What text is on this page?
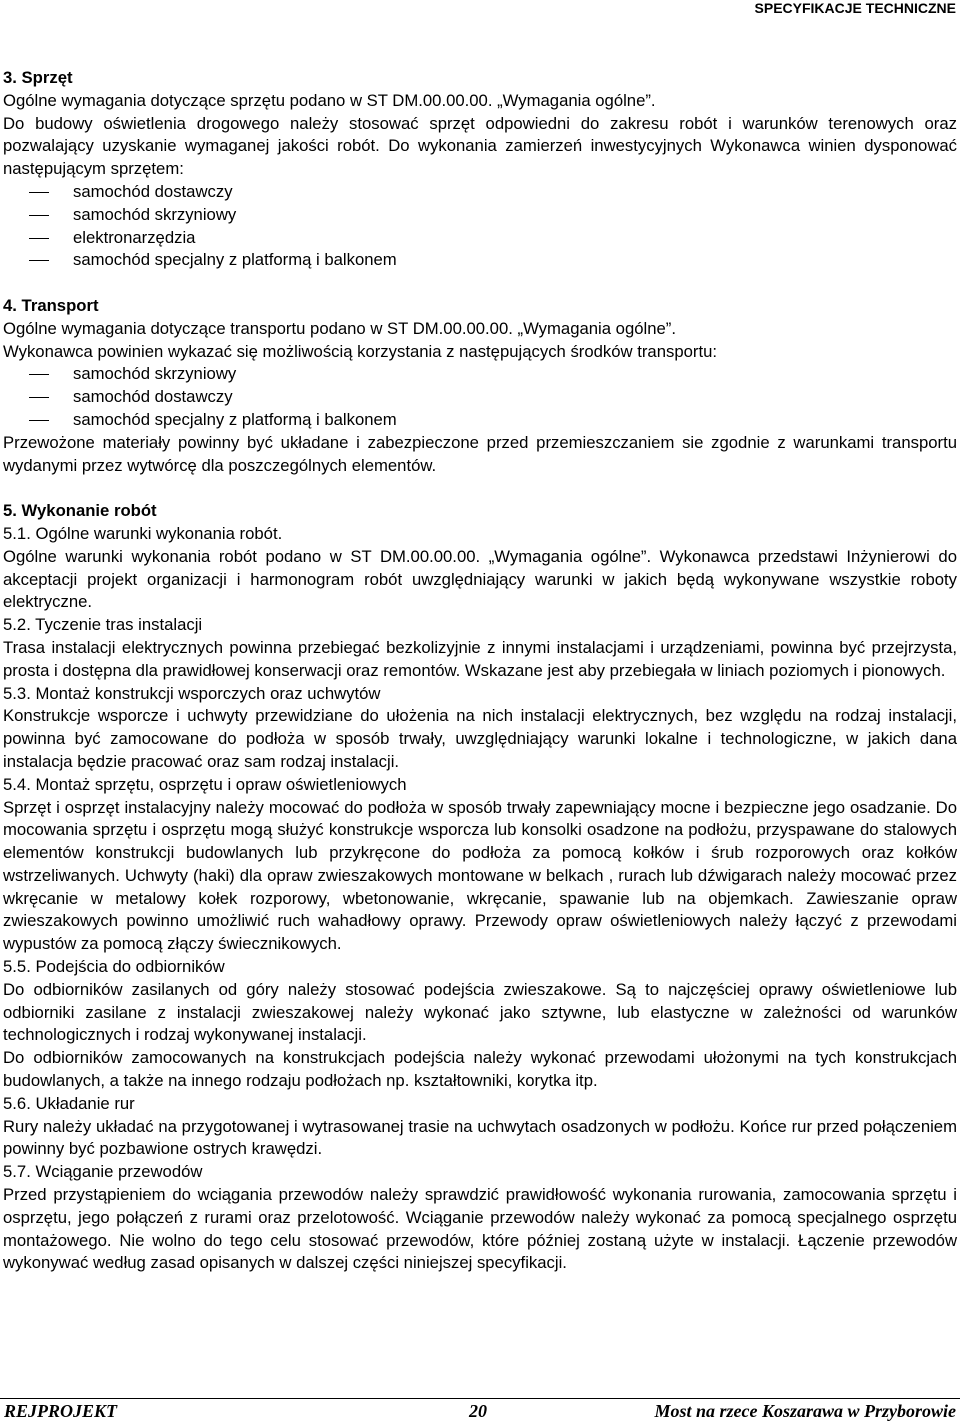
SPECYFIKACJE TECHNICZNE

3. Sprzęt

Ogólne wymagania dotyczące sprzętu podano w ST DM.00.00.00. „Wymagania ogólne”.

Do budowy oświetlenia drogowego należy stosować sprzęt odpowiedni do zakresu robót i warunków terenowych oraz pozwalający uzyskanie wymaganej jakości robót. Do wykonania zamierzeń inwestycyjnych Wykonawca winien dysponować następującym sprzętem:

samochód dostawczy

samochód skrzyniowy

elektronarzędzia

samochód specjalny z platformą i balkonem

4. Transport

Ogólne wymagania dotyczące transportu podano w ST DM.00.00.00. „Wymagania ogólne”.

Wykonawca powinien wykazać się możliwością korzystania z następujących środków transportu:

samochód skrzyniowy

samochód dostawczy

samochód specjalny z platformą i balkonem

Przewożone materiały powinny być układane i zabezpieczone przed przemieszczaniem sie zgodnie z warunkami transportu wydanymi przez wytwórcę dla poszczególnych elementów.

5. Wykonanie robót

5.1. Ogólne warunki wykonania robót.

Ogólne warunki wykonania robót podano w ST DM.00.00.00. „Wymagania ogólne”. Wykonawca przedstawi Inżynierowi do akceptacji projekt organizacji i harmonogram robót uwzględniający warunki w jakich będą wykonywane wszystkie roboty elektryczne.

5.2. Tyczenie tras instalacji

Trasa instalacji elektrycznych powinna przebiegać bezkolizyjnie z innymi instalacjami i urządzeniami, powinna być przejrzysta, prosta i dostępna dla prawidłowej konserwacji oraz remontów. Wskazane jest aby przebiegała w liniach poziomych i pionowych.

5.3. Montaż konstrukcji wsporczych oraz uchwytów

Konstrukcje wsporcze i uchwyty przewidziane do ułożenia na nich instalacji elektrycznych, bez względu na rodzaj instalacji, powinna być zamocowane do podłoża w sposób trwały, uwzględniający warunki lokalne i technologiczne, w jakich dana instalacja będzie pracować oraz sam rodzaj instalacji.

5.4. Montaż sprzętu, osprzętu i opraw oświetleniowych

Sprzęt i osprzęt instalacyjny należy mocować do podłoża w sposób trwały zapewniający mocne i bezpieczne jego osadzanie. Do mocowania sprzętu i osprzętu mogą służyć konstrukcje wsporcza lub konsolki osadzone na podłożu, przyspawane do stalowych elementów konstrukcji budowlanych lub przykręcone do podłoża za pomocą kołków i śrub rozporowych oraz kołków wstrzeliwanych. Uchwyty (haki) dla opraw zwieszakowych montowane w belkach , rurach lub dźwigarach należy mocować przez wkręcanie w metalowy kołek rozporowy, wbetonowanie, wkręcanie, spawanie lub na objemkach. Zawieszanie opraw zwieszakowych powinno umożliwić ruch wahadłowy oprawy. Przewody opraw oświetleniowych należy łączyć z przewodami wypustów za pomocą złączy świecznikowych.

5.5. Podejścia do odbiorników

Do odbiorników zasilanych od góry należy stosować podejścia zwieszakowe. Są to najczęściej oprawy oświetleniowe lub odbiorniki zasilane z instalacji zwieszakowej należy wykonać jako sztywne, lub elastyczne w zależności od warunków technologicznych i rodzaj wykonywanej instalacji.

Do odbiorników zamocowanych na konstrukcjach podejścia należy wykonać przewodami ułożonymi na tych konstrukcjach budowlanych, a także na innego rodzaju podłożach np. kształtowniki, korytka itp.

5.6. Układanie rur

Rury należy układać na przygotowanej i wytrasowanej trasie na uchwytach osadzonych w podłożu. Końce rur przed połączeniem powinny być pozbawione ostrych krawędzi.

5.7. Wciąganie przewodów

Przed przystąpieniem do wciągania przewodów należy sprawdzić prawidłowość wykonania rurowania, zamocowania sprzętu i osprzętu, jego połączeń z rurami oraz przelotowość. Wciąganie przewodów należy wykonać za pomocą specjalnego osprzętu montażowego. Nie wolno do tego celu stosować przewodów, które później zostaną użyte w instalacji. Łączenie przewodów wykonywać według zasad opisanych w dalszej części niniejszej specyfikacji.

REJPROJEKT	20	Most na rzece Koszarawa w Przyborowie
